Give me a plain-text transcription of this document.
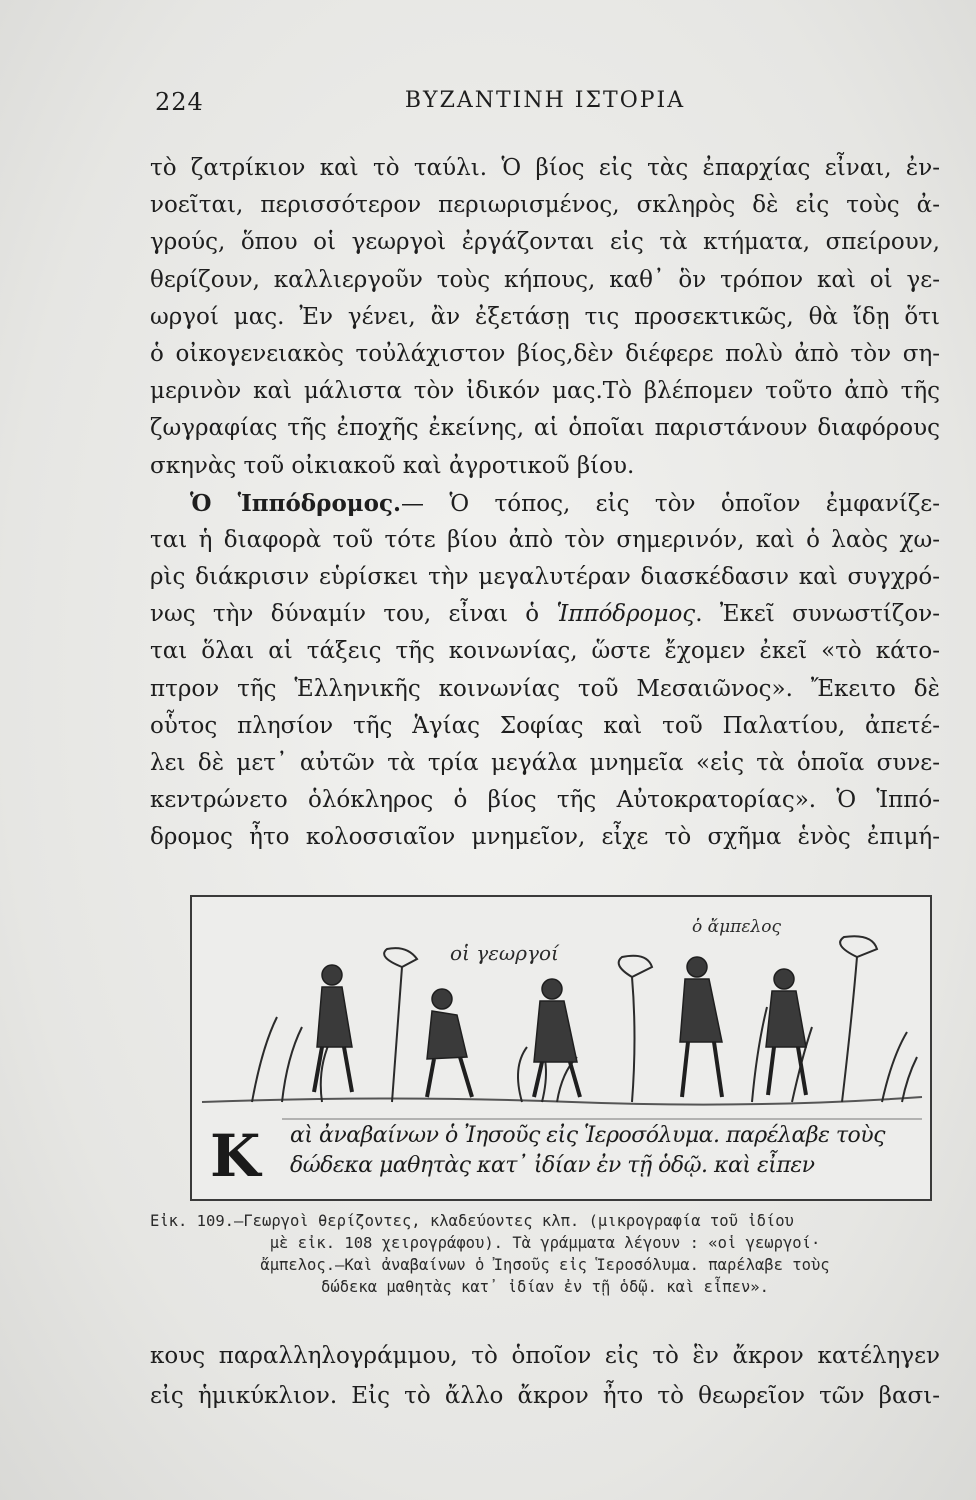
224	ΒΥΖΑΝΤΙΝΗ ΙΣΤΟΡΙΑ
τὸ ζατρίκιον καὶ τὸ ταύλι. Ὁ βίος εἰς τὰς ἐπαρχίας εἶναι, ἐν-
νοεῖται, περισσότερον περιωρισμένος, σκληρὸς δὲ εἰς τοὺς ἀ-
γρούς, ὅπου οἱ γεωργοὶ ἐργάζονται εἰς τὰ κτήματα, σπείρουν,
θερίζουν, καλλιεργοῦν τοὺς κήπους, καθ᾿ ὃν τρόπον καὶ οἱ γε-
ωργοί μας. Ἐν γένει, ἂν ἐξετάσῃ τις προσεκτικῶς, θὰ ἴδῃ ὅτι
ὁ οἰκογενειακὸς τοὐλάχιστον βίος,δὲν διέφερε πολὺ ἀπὸ τὸν ση-
μερινὸν καὶ μάλιστα τὸν ἰδικόν μας.Τὸ βλέπομεν τοῦτο ἀπὸ τῆς
ζωγραφίας τῆς ἐποχῆς ἐκείνης, αἱ ὁποῖαι παριστάνουν διαφόρους
σκηνὰς τοῦ οἰκιακοῦ καὶ ἀγροτικοῦ βίου.
Ὁ Ἱππόδρομος.— Ὁ τόπος, εἰς τὸν ὁποῖον ἐμφανίζε-
ται ἡ διαφορὰ τοῦ τότε βίου ἀπὸ τὸν σημερινόν, καὶ ὁ λαὸς χω-
ρὶς διάκρισιν εὑρίσκει τὴν μεγαλυτέραν διασκέδασιν καὶ συγχρό-
νως τὴν δύναμίν του, εἶναι ὁ Ἱππόδρομος. Ἐκεῖ συνωστίζον-
ται ὅλαι αἱ τάξεις τῆς κοινωνίας, ὥστε ἔχομεν ἐκεῖ «τὸ κάτο-
πτρον τῆς Ἑλληνικῆς κοινωνίας τοῦ Μεσαιῶνος». Ἔκειτο δὲ
οὗτος πλησίον τῆς Ἁγίας Σοφίας καὶ τοῦ Παλατίου, ἀπετέ-
λει δὲ μετ᾿ αὐτῶν τὰ τρία μεγάλα μνημεῖα «εἰς τὰ ὁποῖα συνε-
κεντρώνετο ὁλόκληρος ὁ βίος τῆς Αὐτοκρατορίας». Ὁ Ἱππό-
δρομος ἦτο κολοσσιαῖον μνημεῖον, εἶχε τὸ σχῆμα ἑνὸς ἐπιμή-
οἱ γεωργοί
ὁ ἄμπελος
Κ αὶ ἀναβαίνων ὁ Ἰησοῦς εἰς Ἱεροσόλυμα. παρέλαβε τοὺς
δώδεκα μαθητὰς κατ᾿ ἰδίαν ἐν τῇ ὁδῷ. καὶ εἶπεν
Εἰκ. 109.—Γεωργοὶ θερίζοντες, κλαδεύοντες κλπ. (μικρογραφία τοῦ ἰδίου
μὲ εἰκ. 108 χειρογράφου). Τὰ γράμματα λέγουν : «οἱ γεωργοί·
ἄμπελος.—Καὶ ἀναβαίνων ὁ Ἰησοῦς εἰς Ἱεροσόλυμα. παρέλαβε τοὺς
δώδεκα μαθητὰς κατ᾿ ἰδίαν ἐν τῇ ὁδῷ. καὶ εἶπεν».
κους παραλληλογράμμου, τὸ ὁποῖον εἰς τὸ ἓν ἄκρον κατέληγεν
εἰς ἡμικύκλιον. Εἰς τὸ ἄλλο ἄκρον ἦτο τὸ θεωρεῖον τῶν βασι-
